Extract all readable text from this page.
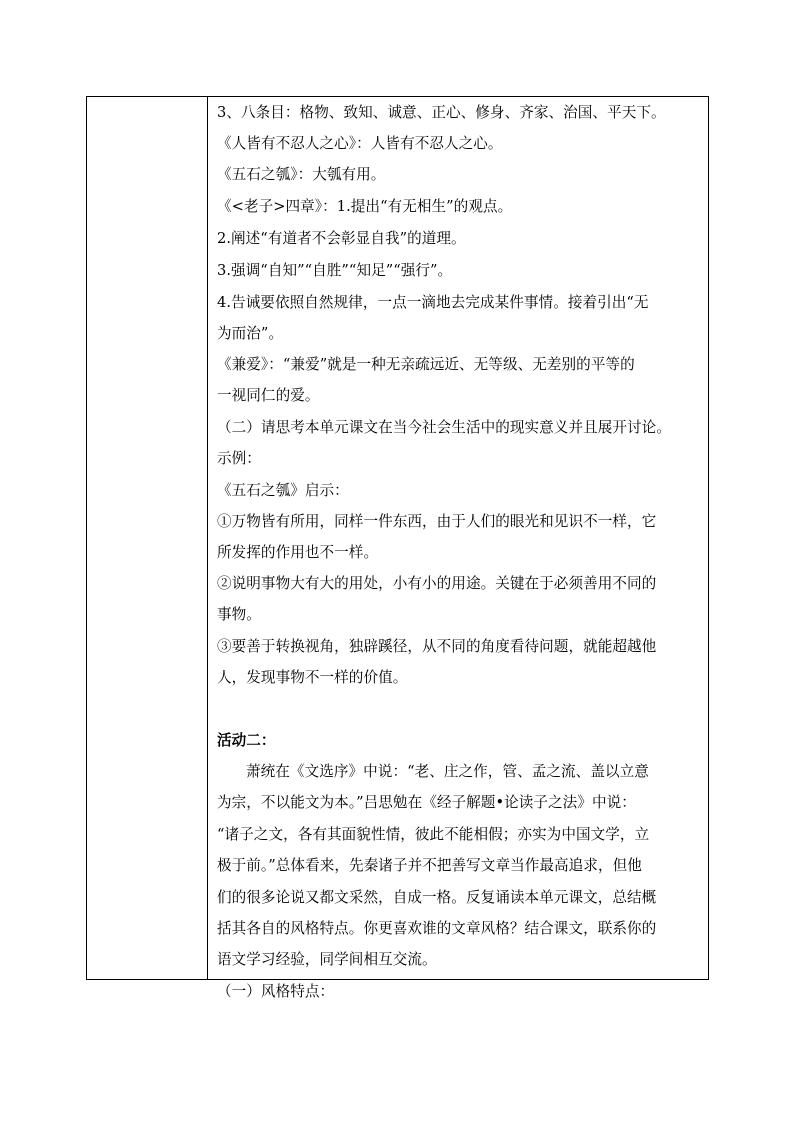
3、八条目：格物、致知、诚意、正心、修身、齐家、治国、平天下。
《人皆有不忍人之心》：人皆有不忍人之心。
《五石之瓠》：大瓠有用。
《<老子>四章》：1.提出“有无相生”的观点。
2.阐述“有道者不会彰显自我”的道理。
3.强调“自知”“自胜”“知足”“强行”。
4.告诫要依照自然规律，一点一滴地去完成某件事情。接着引出“无
为而治”。
《兼爱》：“兼爱”就是一种无亲疏远近、无等级、无差别的平等的
一视同仁的爱。
（二）请思考本单元课文在当今社会生活中的现实意义并且展开讨论。
示例：
《五石之瓠》启示：
①万物皆有所用，同样一件东西，由于人们的眼光和见识不一样，它
所发挥的作用也不一样。
②说明事物大有大的用处，小有小的用途。关键在于必须善用不同的
事物。
③要善于转换视角，独辟蹊径，从不同的角度看待问题，就能超越他
人，发现事物不一样的价值。
活动二：
萧统在《文选序》中说：“老、庄之作，管、孟之流、盖以立意
为宗，不以能文为本。”吕思勉在《经子解题•论读子之法》中说：
“诸子之文，各有其面貌性情，彼此不能相假；亦实为中国文学，立
极于前。”总体看来，先秦诸子并不把善写文章当作最高追求，但他
们的很多论说又都文采然，自成一格。反复诵读本单元课文，总结概
括其各自的风格特点。你更喜欢谁的文章风格？结合课文，联系你的
语文学习经验，同学间相互交流。
（一）风格特点：
